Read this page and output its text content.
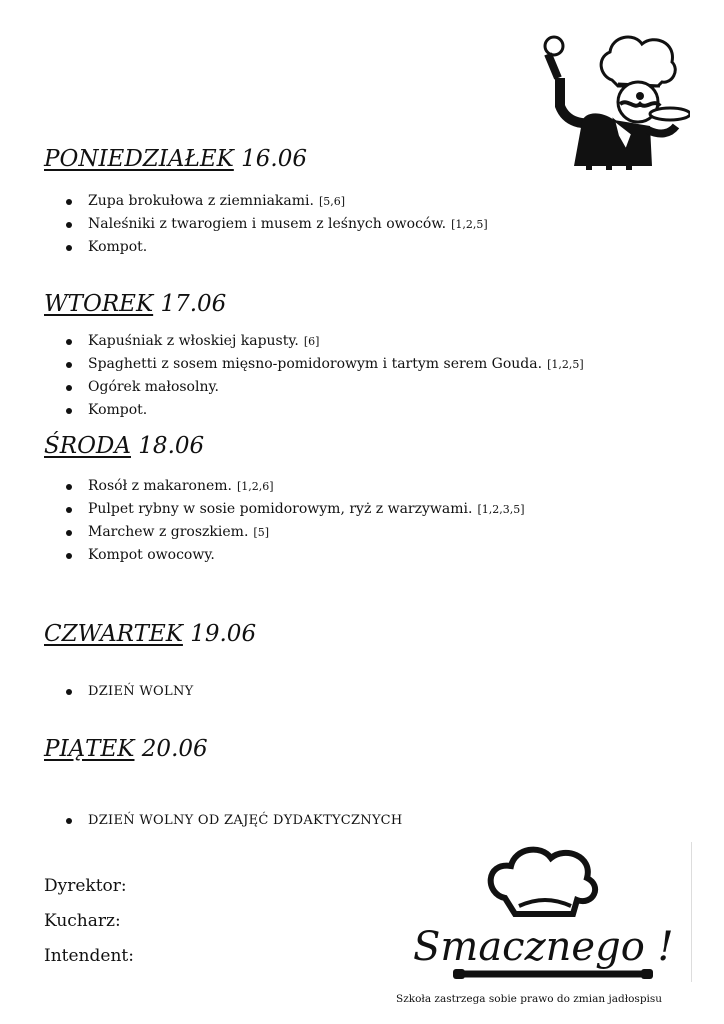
PONIEDZIAŁEK 16.06
Zupa brokułowa z ziemniakami. [5,6]
Naleśniki z twarogiem i musem z leśnych owoców. [1,2,5]
Kompot.
WTOREK 17.06
Kapuśniak z włoskiej kapusty. [6]
Spaghetti z sosem mięsno-pomidorowym i tartym serem Gouda. [1,2,5]
Ogórek małosolny.
Kompot.
ŚRODA 18.06
Rosół z makaronem. [1,2,6]
Pulpet rybny w sosie pomidorowym, ryż z warzywami. [1,2,3,5]
Marchew z groszkiem. [5]
Kompot owocowy.
CZWARTEK 19.06
DZIEŃ WOLNY
PIĄTEK 20.06
DZIEŃ WOLNY OD ZAJĘĆ DYDAKTYCZNYCH
Dyrektor:
Kucharz:
Intendent:	Smacznego !
Szkoła zastrzega sobie prawo do zmian jadłospisu
